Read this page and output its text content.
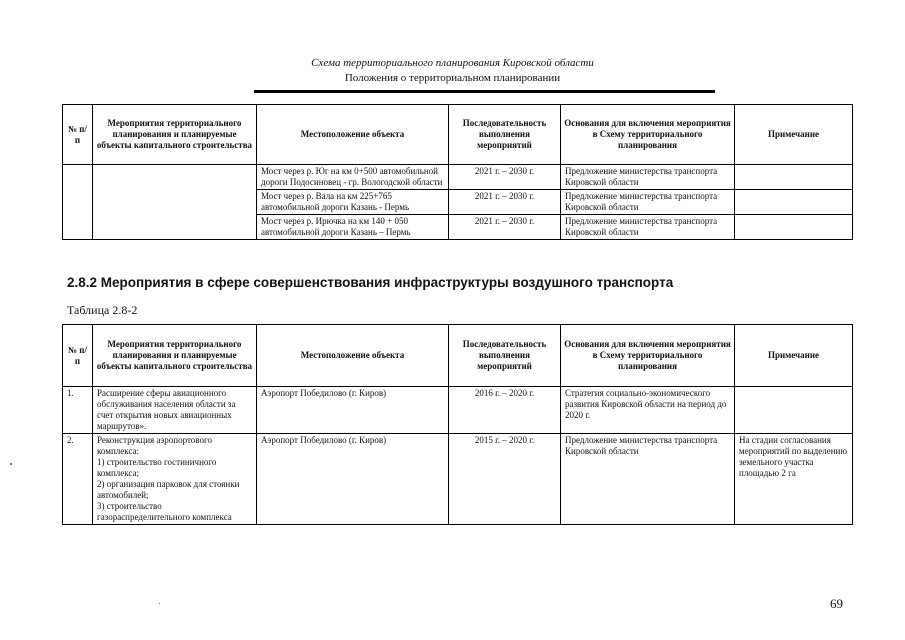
Схема территориального планирования Кировской области
Положения о территориальном планировании
№ п/п	Мероприятия территориального планирования и планируемые объекты капитального строительства	Местоположение объекта	Последовательность выполнения мероприятий	Основания для включения мероприятия в Схему территориального планирования	Примечание
		Мост через р. Юг на км 0+500 автомобильной дороги Подосиновец - гр. Вологодской области	2021 г. – 2030 г.	Предложение министерства транспорта Кировской области	
		Мост через р. Вала на км 225+765 автомобильной дороги Казань - Пермь	2021 г. – 2030 г.	Предложение министерства транспорта Кировской области	
		Мост через р. Ирючка на км 140 + 050 автомобильной дороги Казань – Пермь	2021 г. – 2030 г.	Предложение министерства транспорта Кировской области	
2.8.2 Мероприятия в сфере совершенствования инфраструктуры воздушного транспорта
Таблица 2.8-2
№ п/п	Мероприятия территориального планирования и планируемые объекты капитального строительства	Местоположение объекта	Последовательность выполнения мероприятий	Основания для включения мероприятия в Схему территориального планирования	Примечание
1.	Расширение сферы авиационного обслуживания населения области за счет открытия новых авиационных маршрутов».	Аэропорт Победилово (г. Киров)	2016 г. – 2020 г.	Стратегия социально-экономического развития Кировской области на период до 2020 г.	
2.	Реконструкция аэропортового комплекса:
1) строительство гостиничного комплекса;
2) организация парковок для стоянки автомобилей;
3) строительство газораспределительного комплекса	Аэропорт Победилово (г. Киров)	2015 г. – 2020 г.	Предложение министерства транспорта Кировской области	На стадии согласования мероприятий по выделению земельного участка площадью 2 га
69
